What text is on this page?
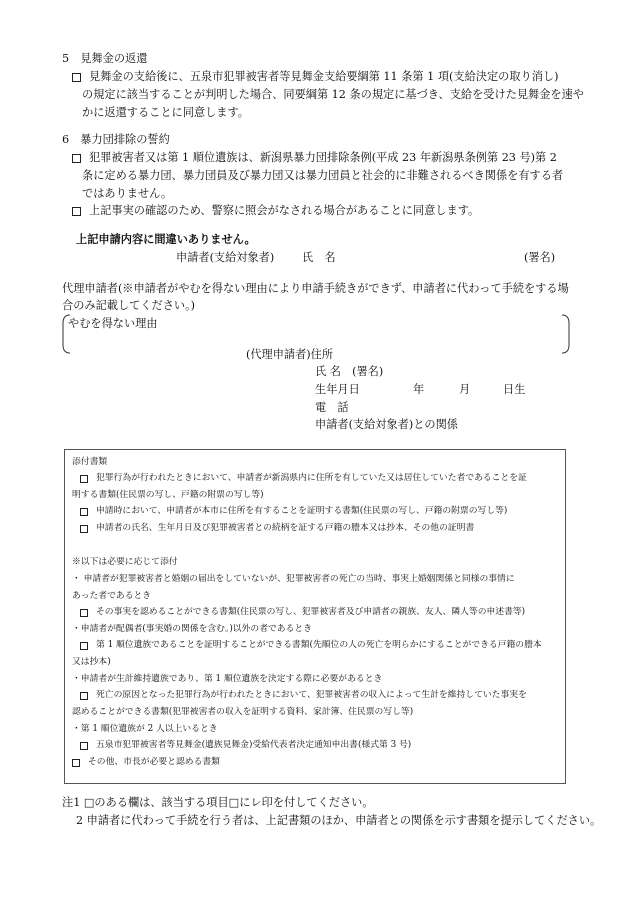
5　見舞金の返還
見舞金の支給後に、五泉市犯罪被害者等見舞金支給要綱第 11 条第 1 項(支給決定の取り消し)
の規定に該当することが判明した場合、同要綱第 12 条の規定に基づき、支給を受けた見舞金を速や
かに返還することに同意します。
6　暴力団排除の誓約
犯罪被害者又は第 1 順位遺族は、新潟県暴力団排除条例(平成 23 年新潟県条例第 23 号)第 2
条に定める暴力団、暴力団員及び暴力団又は暴力団員と社会的に非難されるべき関係を有する者
ではありません。
上記事実の確認のため、警察に照会がなされる場合があることに同意します。
上記申請内容に間違いありません。
申請者(支給対象者) 氏　名	(署名)
代理申請者(※申請者がやむを得ない理由により申請手続きができず、申請者に代わって手続をする場
合のみ記載してください。)
やむを得ない理由
(代理申請者)住所
氏 名　(署名)
生年月日	年	月	日生
電　話
申請者(支給対象者)との関係
添付書類
犯罪行為が行われたときにおいて、申請者が新潟県内に住所を有していた又は居住していた者であることを証
明する書類(住民票の写し、戸籍の附票の写し等)
申請時において、申請者が本市に住所を有することを証明する書類(住民票の写し、戸籍の附票の写し等)
申請者の氏名、生年月日及び犯罪被害者との続柄を証する戸籍の謄本又は抄本、その他の証明書
※以下は必要に応じて添付
・ 申請者が犯罪被害者と婚姻の届出をしていないが、犯罪被害者の死亡の当時、事実上婚姻関係と同様の事情に
あった者であるとき
その事実を認めることができる書類(住民票の写し、犯罪被害者及び申請者の親族、友人、隣人等の申述書等)
・申請者が配偶者(事実婚の関係を含む。)以外の者であるとき
第 1 順位遺族であることを証明することができる書類(先順位の人の死亡を明らかにすることができる戸籍の謄本
又は抄本)
・申請者が生計維持遺族であり、第 1 順位遺族を決定する際に必要があるとき
死亡の原因となった犯罪行為が行われたときにおいて、犯罪被害者の収入によって生計を維持していた事実を
認めることができる書類(犯罪被害者の収入を証明する資料、家計簿、住民票の写し等)
・第 1 順位遺族が 2 人以上いるとき
五泉市犯罪被害者等見舞金(遺族見舞金)受給代表者決定通知申出書(様式第 3 号)
その他、市長が必要と認める書類
注1 □のある欄は、該当する項目□にレ印を付してください。
2 申請者に代わって手続を行う者は、上記書類のほか、申請者との関係を示す書類を提示してください。
